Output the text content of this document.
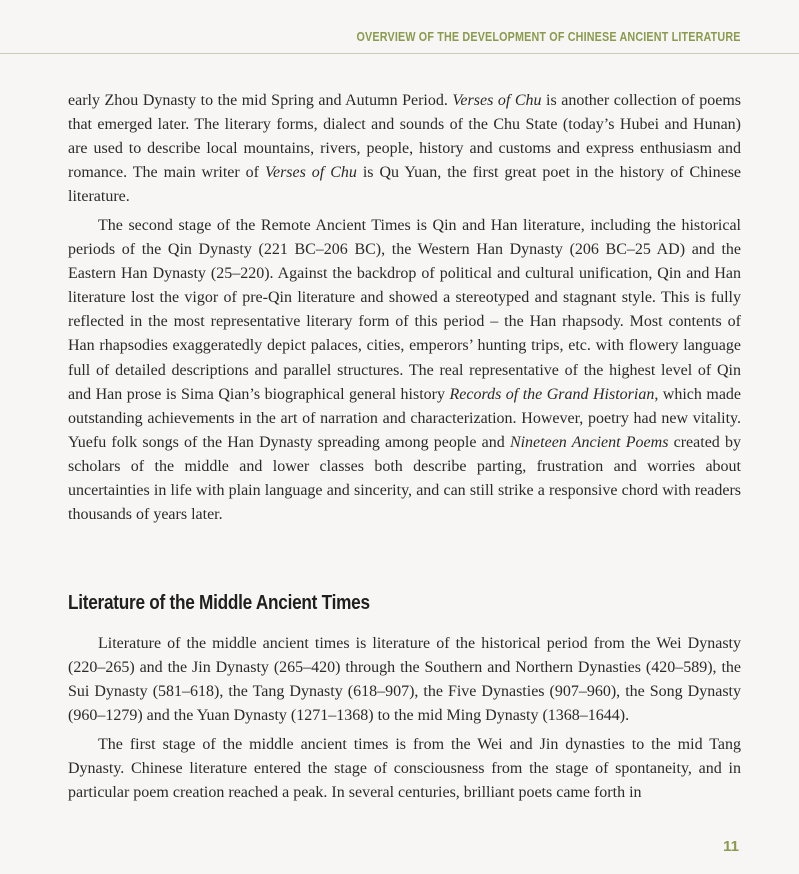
OVERVIEW OF THE DEVELOPMENT OF CHINESE ANCIENT LITERATURE

early Zhou Dynasty to the mid Spring and Autumn Period. Verses of Chu is another collection of poems that emerged later. The literary forms, dialect and sounds of the Chu State (today’s Hubei and Hunan) are used to describe local mountains, rivers, people, history and customs and express enthusiasm and romance. The main writer of Verses of Chu is Qu Yuan, the first great poet in the history of Chinese literature.

The second stage of the Remote Ancient Times is Qin and Han literature, including the historical periods of the Qin Dynasty (221 BC–206 BC), the Western Han Dynasty (206 BC–25 AD) and the Eastern Han Dynasty (25–220). Against the backdrop of political and cultural unification, Qin and Han literature lost the vigor of pre-Qin literature and showed a stereotyped and stagnant style. This is fully reflected in the most representative literary form of this period – the Han rhapsody. Most contents of Han rhapsodies exaggeratedly depict palaces, cities, emperors’ hunting trips, etc. with flowery language full of detailed descriptions and parallel structures. The real representative of the highest level of Qin and Han prose is Sima Qian’s biographical general history Records of the Grand Historian, which made outstanding achievements in the art of narration and characterization. However, poetry had new vitality. Yuefu folk songs of the Han Dynasty spreading among people and Nineteen Ancient Poems created by scholars of the middle and lower classes both describe parting, frustration and worries about uncertainties in life with plain language and sincerity, and can still strike a responsive chord with readers thousands of years later.

Literature of the Middle Ancient Times

Literature of the middle ancient times is literature of the historical period from the Wei Dynasty (220–265) and the Jin Dynasty (265–420) through the Southern and Northern Dynasties (420–589), the Sui Dynasty (581–618), the Tang Dynasty (618–907), the Five Dynasties (907–960), the Song Dynasty (960–1279) and the Yuan Dynasty (1271–1368) to the mid Ming Dynasty (1368–1644).

The first stage of the middle ancient times is from the Wei and Jin dynasties to the mid Tang Dynasty. Chinese literature entered the stage of consciousness from the stage of spontaneity, and in particular poem creation reached a peak. In several centuries, brilliant poets came forth in

11
